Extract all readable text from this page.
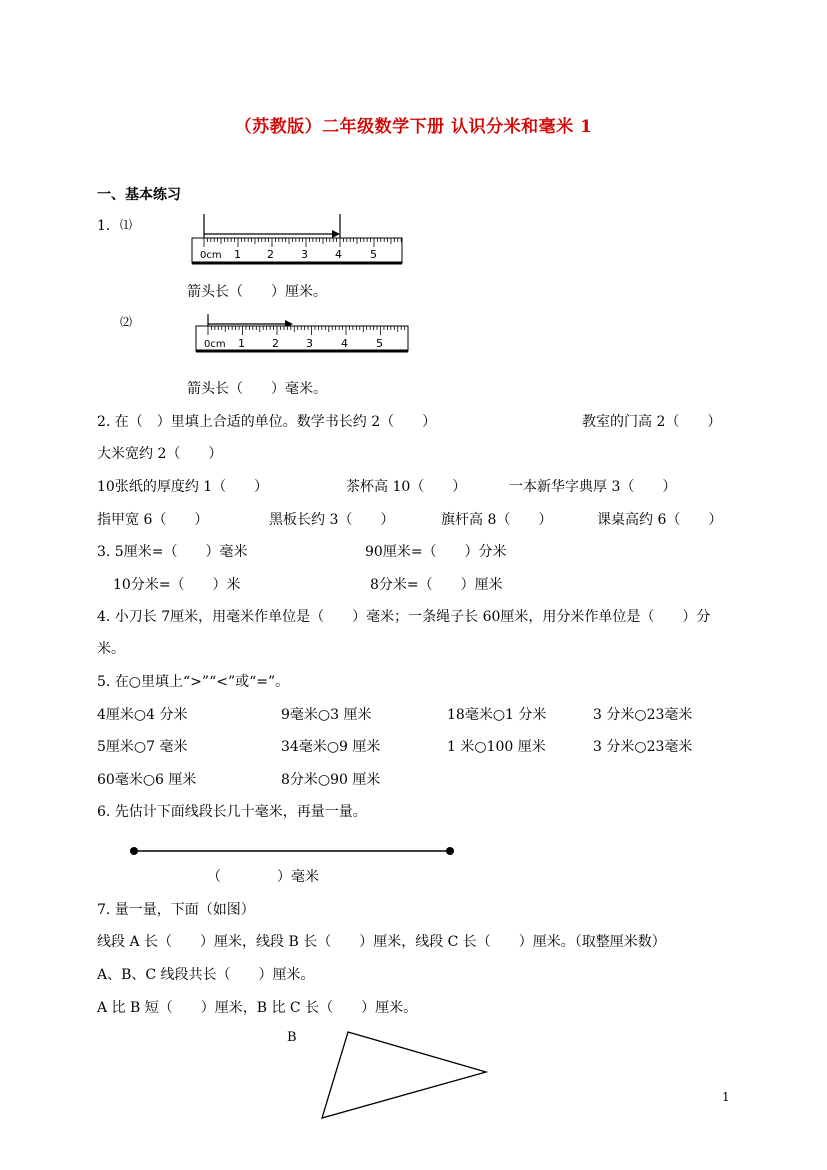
（苏教版）二年级数学下册 认识分米和毫米 1
一、基本练习
1. ⑴
0cm 1 2 3 4	5
箭头长（　　）厘米。
⑵
0cm 1 2 3	4	5
箭头长（　　）毫米。
2. 在（　）里填上合适的单位。数学书长约 2（　　）	教室的门高 2（　　）
大米宽约 2（　　）
10张纸的厚度约 1（　　）	茶杯高 10（　　）	一本新华字典厚 3（　　）
指甲宽 6（　　）	黑板长约 3（　　）	旗杆高 8（　　）	课桌高约 6（　　）
3. 5厘米=（　　）毫米	90厘米=（　　）分米
10分米=（　　）米	8分米=（　　）厘米
4. 小刀长 7厘米，用毫米作单位是（　　）毫米；一条绳子长 60厘米，用分米作单位是（　　）分
米。
5. 在○里填上“>”“<”或“=”。
4厘米○4 分米	9毫米○3 厘米	18毫米○1 分米	3 分米○23毫米
5厘米○7 毫米	34毫米○9 厘米	1 米○100 厘米	3 分米○23毫米
60毫米○6 厘米	8分米○90 厘米
6. 先估计下面线段长几十毫米，再量一量。
（　　　　）毫米
7. 量一量，下面（如图）
线段 A 长（　　）厘米，线段 B 长（　　）厘米，线段 C 长（　　）厘米。（取整厘米数）
A、B、C 线段共长（　　）厘米。
A 比 B 短（　　）厘米，B 比 C 长（　　）厘米。
B
1
